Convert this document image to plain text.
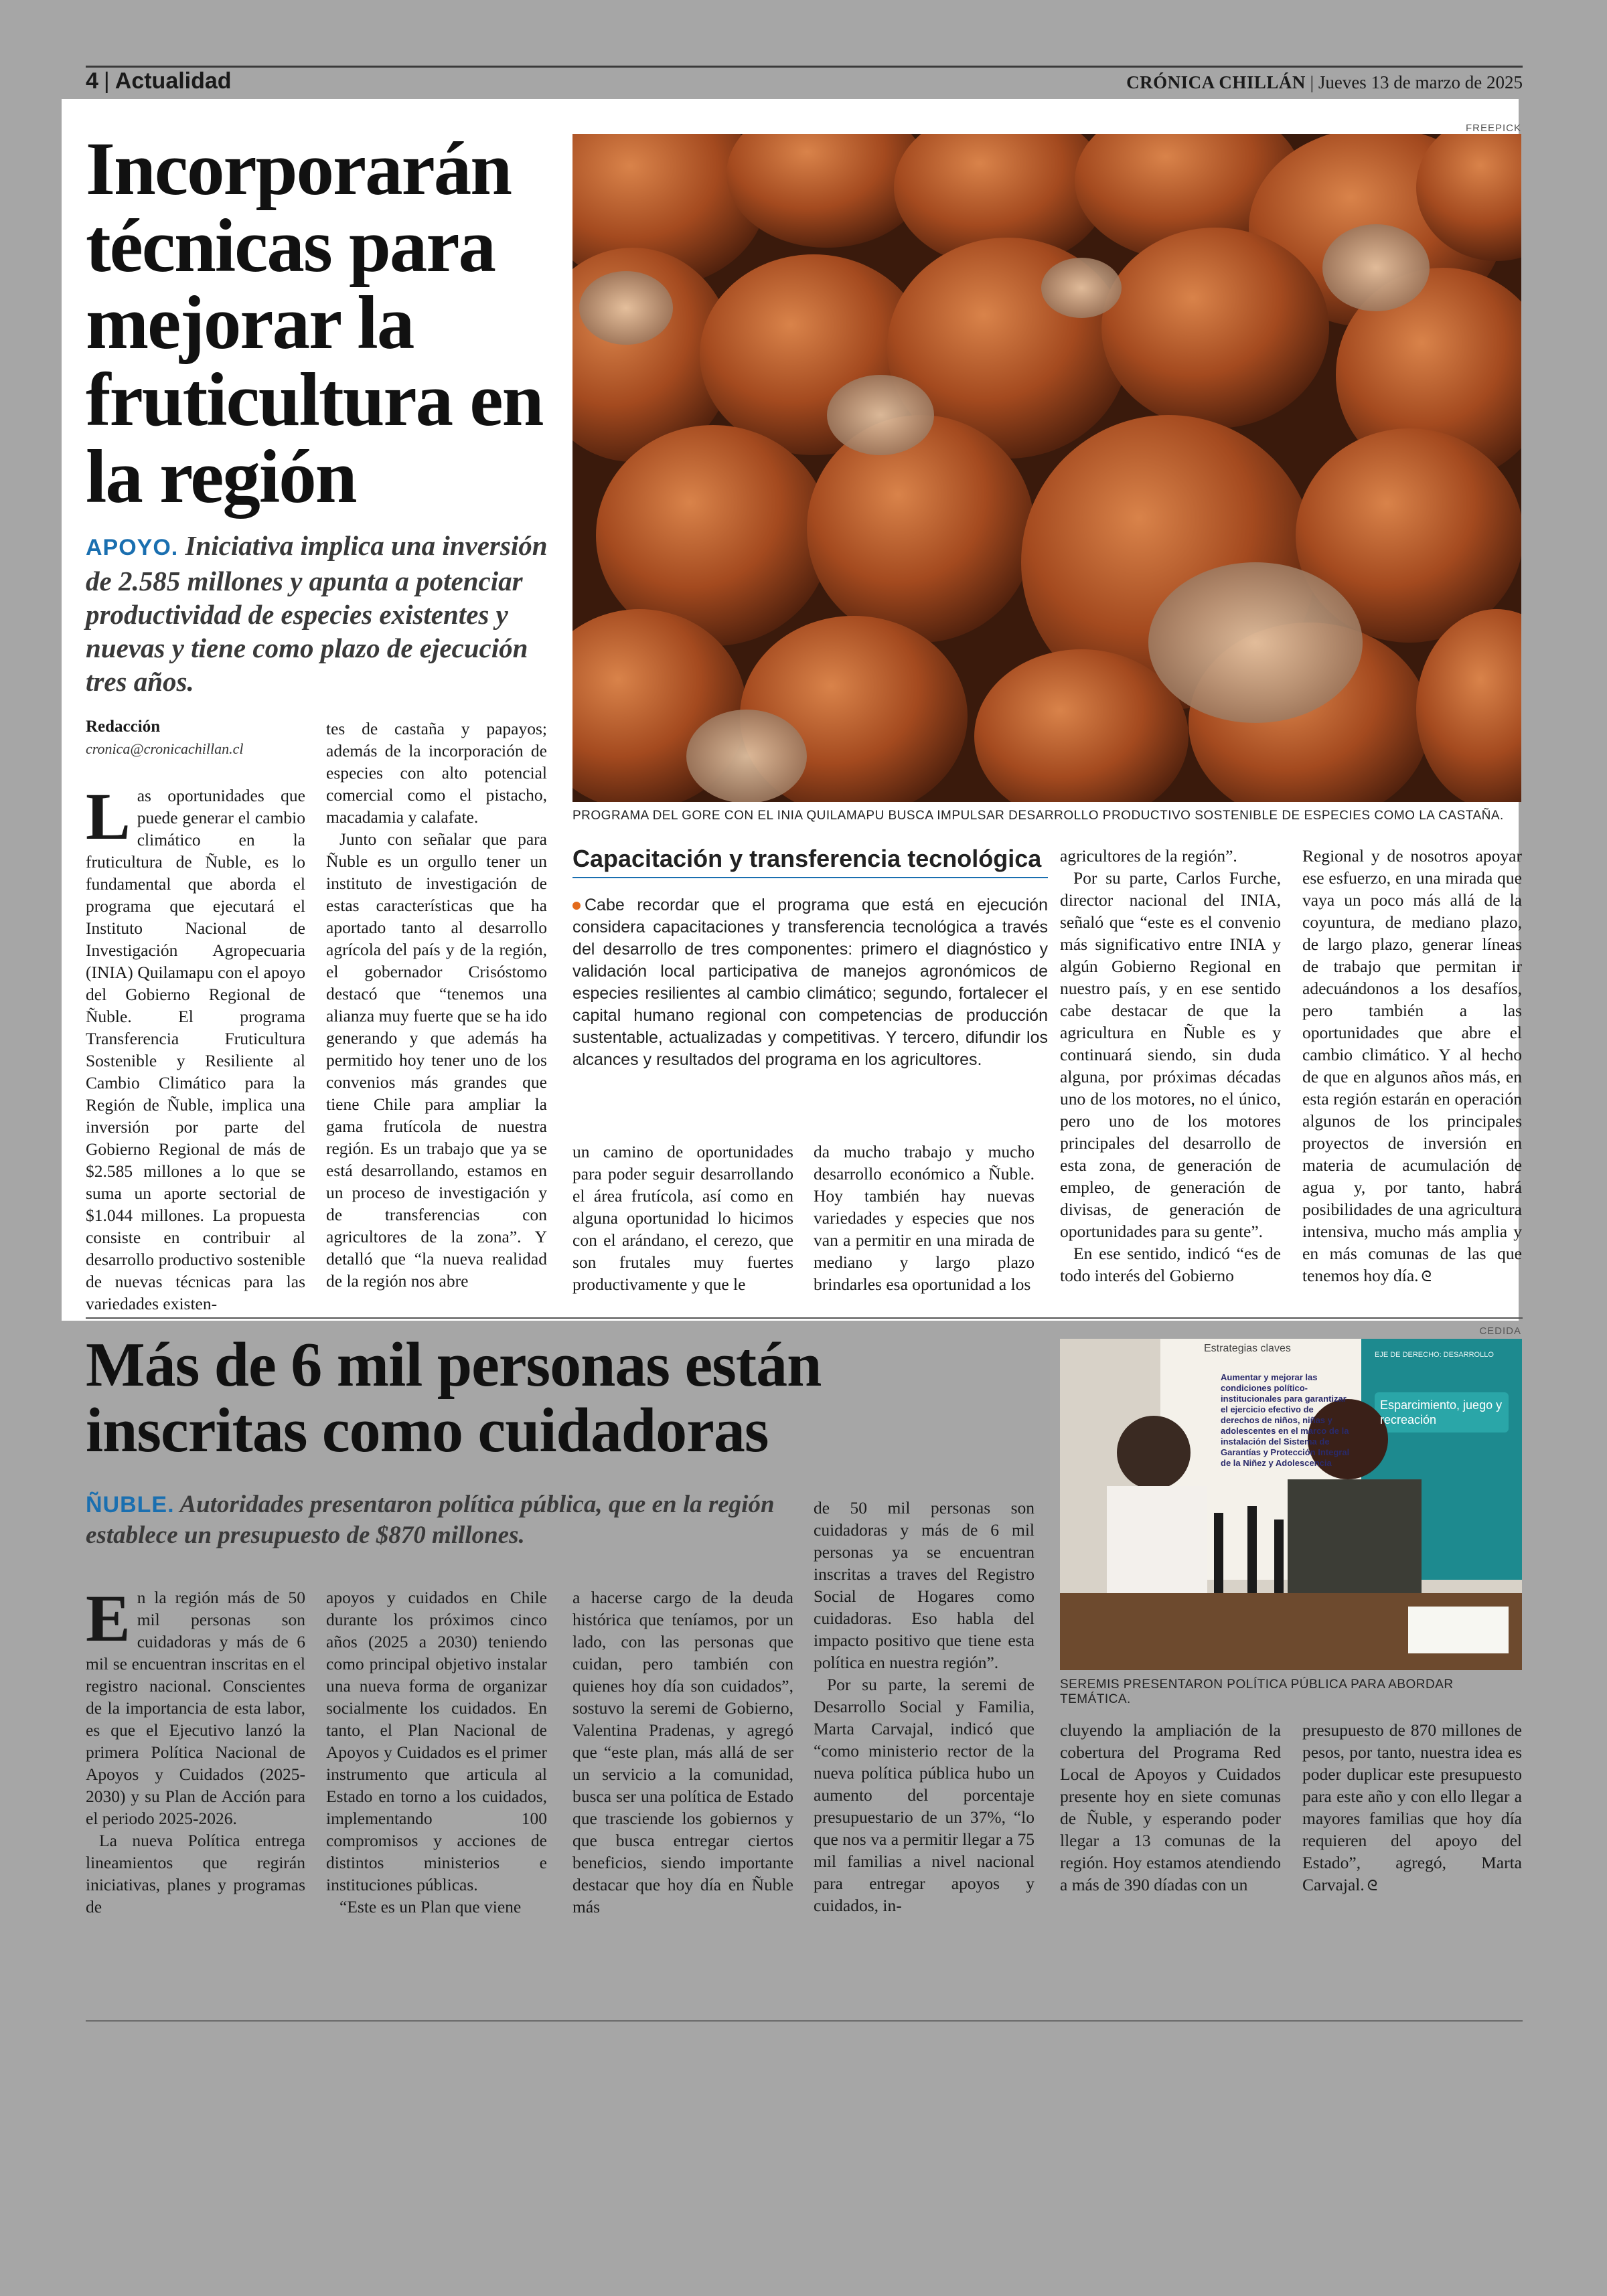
4 | Actualidad	CRÓNICA CHILLÁN | Jueves 13 de marzo de 2025
Incorporarán técnicas para mejorar la fruticultura en la región
APOYO. Iniciativa implica una inversión de 2.585 millones y apunta a potenciar productividad de especies existentes y nuevas y tiene como plazo de ejecución tres años.
Redacción
cronica@cronicachillan.cl

Las oportunidades que puede generar el cambio climático en la fruticultura de Ñuble, es lo fundamental que aborda el programa que ejecutará el Instituto Nacional de Investigación Agropecuaria (INIA) Quilamapu con el apoyo del Gobierno Regional de Ñuble. El programa Transferencia Fruticultura Sostenible y Resiliente al Cambio Climático para la Región de Ñuble, implica una inversión por parte del Gobierno Regional de más de $2.585 millones a lo que se suma un aporte sectorial de $1.044 millones. La propuesta consiste en contribuir al desarrollo productivo sostenible de nuevas técnicas para las variedades existen-

tes de castaña y papayos; además de la incorporación de especies con alto potencial comercial como el pistacho, macadamia y calafate.

Junto con señalar que para Ñuble es un orgullo tener un instituto de investigación de estas características que ha aportado tanto al desarrollo agrícola del país y de la región, el gobernador Crisóstomo destacó que “tenemos una alianza muy fuerte que se ha ido generando y que además ha permitido hoy tener uno de los convenios más grandes que tiene Chile para ampliar la gama frutícola de nuestra región. Es un trabajo que ya se está desarrollando, estamos en un proceso de investigación y de transferencias con agricultores de la zona”. Y detalló que “la nueva realidad de la región nos abre

FREEPICK
PROGRAMA DEL GORE CON EL INIA QUILAMAPU BUSCA IMPULSAR DESARROLLO PRODUCTIVO SOSTENIBLE DE ESPECIES COMO LA CASTAÑA.
Capacitación y transferencia tecnológica
Cabe recordar que el programa que está en ejecución considera capacitaciones y transferencia tecnológica a través del desarrollo de tres componentes: primero el diagnóstico y validación local participativa de manejos agronómicos de especies resilientes al cambio climático; segundo, fortalecer el capital humano regional con competencias de producción sustentable, actualizadas y competitivas. Y tercero, difundir los alcances y resultados del programa en los agricultores.

un camino de oportunidades para poder seguir desarrollando el área frutícola, así como en alguna oportunidad lo hicimos con el arándano, el cerezo, que son frutales muy fuertes productivamente y que le

da mucho trabajo y mucho desarrollo económico a Ñuble. Hoy también hay nuevas variedades y especies que nos van a permitir en una mirada de mediano y largo plazo brindarles esa oportunidad a los

agricultores de la región”.

Por su parte, Carlos Furche, director nacional del INIA, señaló que “este es el convenio más significativo entre INIA y algún Gobierno Regional en nuestro país, y en ese sentido cabe destacar de que la agricultura en Ñuble es y continuará siendo, sin duda alguna, por próximas décadas uno de los motores, no el único, pero uno de los motores principales del desarrollo de esta zona, de generación de empleo, de generación de divisas, de generación de oportunidades para su gente”.

En ese sentido, indicó “es de todo interés del Gobierno

Regional y de nosotros apoyar ese esfuerzo, en una mirada que vaya un poco más allá de la coyuntura, de mediano plazo, de largo plazo, generar líneas de trabajo que permitan ir adecuándonos a los desafíos, pero también a las oportunidades que abre el cambio climático. Y al hecho de que en algunos años más, en esta región estarán en operación algunos de los principales proyectos de inversión en materia de acumulación de agua y, por tanto, habrá posibilidades de una agricultura intensiva, mucho más amplia y en más comunas de las que tenemos hoy día. ᘓ

Más de 6 mil personas están inscritas como cuidadoras
ÑUBLE. Autoridades presentaron política pública, que en la región establece un presupuesto de $870 millones.
Estrategias claves
Aumentar y mejorar las condiciones político-institucionales para garantizar el ejercicio efectivo de derechos de niños, niñas y adolescentes en el marco de la instalación del Sistema de Garantías y Protección Integral de la Niñez y Adolescencia
EJE DE DERECHO: DESARROLLO
Esparcimiento, juego y recreación
CEDIDA
SEREMIS PRESENTARON POLÍTICA PÚBLICA PARA ABORDAR TEMÁTICA.

En la región más de 50 mil personas son cuidadoras y más de 6 mil se encuentran inscritas en el registro nacional. Conscientes de la importancia de esta labor, es que el Ejecutivo lanzó la primera Política Nacional de Apoyos y Cuidados (2025-2030) y su Plan de Acción para el periodo 2025-2026.

La nueva Política entrega lineamientos que regirán iniciativas, planes y programas de

apoyos y cuidados en Chile durante los próximos cinco años (2025 a 2030) teniendo como principal objetivo instalar una nueva forma de organizar socialmente los cuidados. En tanto, el Plan Nacional de Apoyos y Cuidados es el primer instrumento que articula al Estado en torno a los cuidados, implementando 100 compromisos y acciones de distintos ministerios e instituciones públicas.

“Este es un Plan que viene

a hacerse cargo de la deuda histórica que teníamos, por un lado, con las personas que cuidan, pero también con quienes hoy día son cuidados”, sostuvo la seremi de Gobierno, Valentina Pradenas, y agregó que “este plan, más allá de ser un servicio a la comunidad, busca ser una política de Estado que trasciende los gobiernos y que busca entregar ciertos beneficios, siendo importante destacar que hoy día en Ñuble más

de 50 mil personas son cuidadoras y más de 6 mil personas ya se encuentran inscritas a traves del Registro Social de Hogares como cuidadoras. Eso habla del impacto positivo que tiene esta política en nuestra región”.

Por su parte, la seremi de Desarrollo Social y Familia, Marta Carvajal, indicó que “como ministerio rector de la nueva política pública hubo un aumento del porcentaje presupuestario de un 37%, “lo que nos va a permitir llegar a 75 mil familias a nivel nacional para entregar apoyos y cuidados, in-

cluyendo la ampliación de la cobertura del Programa Red Local de Apoyos y Cuidados presente hoy en siete comunas de Ñuble, y esperando poder llegar a 13 comunas de la región. Hoy estamos atendiendo a más de 390 díadas con un

presupuesto de 870 millones de pesos, por tanto, nuestra idea es poder duplicar este presupuesto para este año y con ello llegar a mayores familias que hoy día requieren del apoyo del Estado”, agregó, Marta Carvajal. ᘓ
